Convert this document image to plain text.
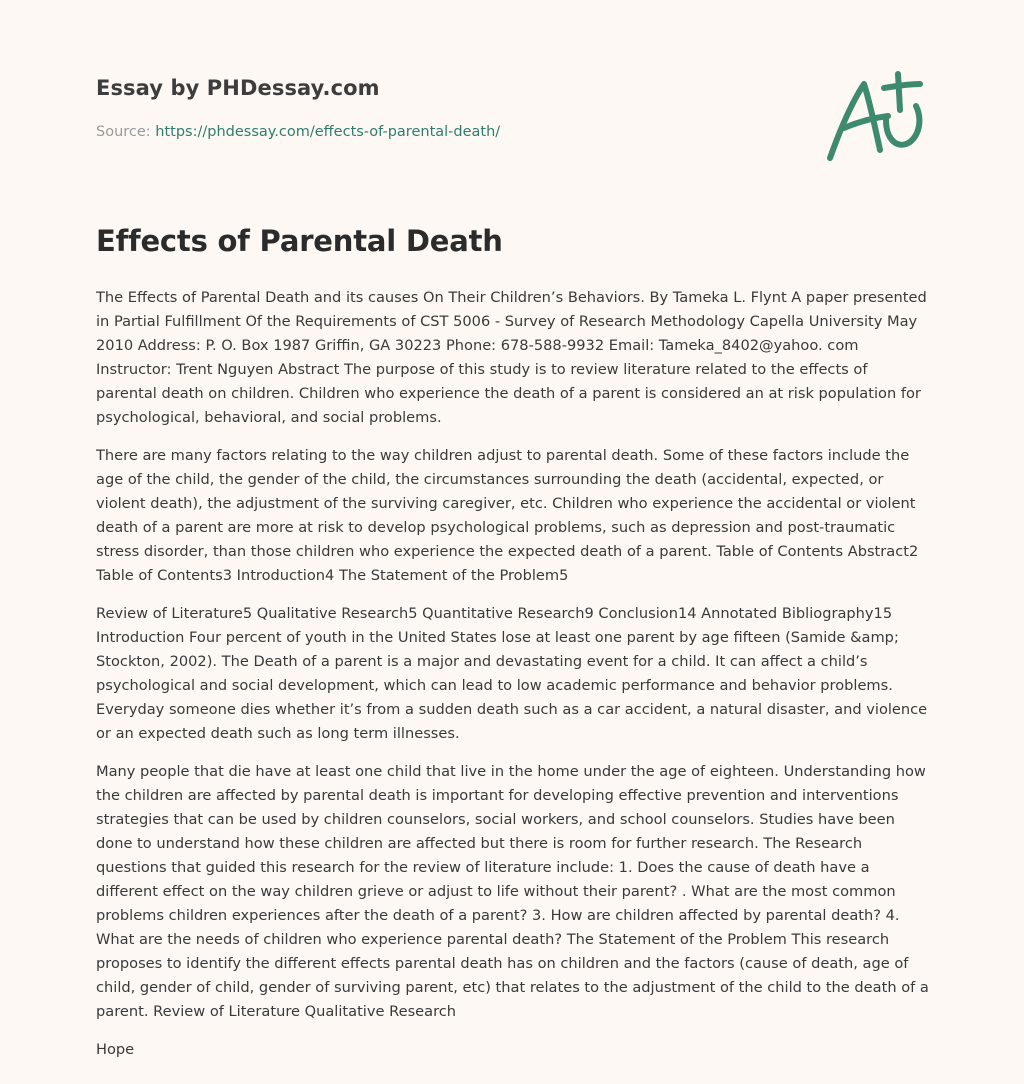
Essay by PHDessay.com

Source: https://phdessay.com/effects-of-parental-death/

Effects of Parental Death

The Effects of Parental Death and its causes On Their Children’s Behaviors. By Tameka L. Flynt A paper presented in Partial Fulfillment Of the Requirements of CST 5006 - Survey of Research Methodology Capella University May 2010 Address: P. O. Box 1987 Griffin, GA 30223 Phone: 678-588-9932 Email: Tameka_8402@yahoo. com Instructor: Trent Nguyen Abstract The purpose of this study is to review literature related to the effects of parental death on children. Children who experience the death of a parent is considered an at risk population for psychological, behavioral, and social problems.

There are many factors relating to the way children adjust to parental death. Some of these factors include the age of the child, the gender of the child, the circumstances surrounding the death (accidental, expected, or violent death), the adjustment of the surviving caregiver, etc. Children who experience the accidental or violent death of a parent are more at risk to develop psychological problems, such as depression and post-traumatic stress disorder, than those children who experience the expected death of a parent. Table of Contents Abstract2 Table of Contents3 Introduction4 The Statement of the Problem5

Review of Literature5 Qualitative Research5 Quantitative Research9 Conclusion14 Annotated Bibliography15 Introduction Four percent of youth in the United States lose at least one parent by age fifteen (Samide &amp; Stockton, 2002). The Death of a parent is a major and devastating event for a child. It can affect a child’s psychological and social development, which can lead to low academic performance and behavior problems. Everyday someone dies whether it’s from a sudden death such as a car accident, a natural disaster, and violence or an expected death such as long term illnesses.

Many people that die have at least one child that live in the home under the age of eighteen. Understanding how the children are affected by parental death is important for developing effective prevention and interventions strategies that can be used by children counselors, social workers, and school counselors. Studies have been done to understand how these children are affected but there is room for further research. The Research questions that guided this research for the review of literature include: 1. Does the cause of death have a different effect on the way children grieve or adjust to life without their parent? . What are the most common problems children experiences after the death of a parent? 3. How are children affected by parental death? 4. What are the needs of children who experience parental death? The Statement of the Problem This research proposes to identify the different effects parental death has on children and the factors (cause of death, age of child, gender of child, gender of surviving parent, etc) that relates to the adjustment of the child to the death of a parent. Review of Literature Qualitative Research

Hope
